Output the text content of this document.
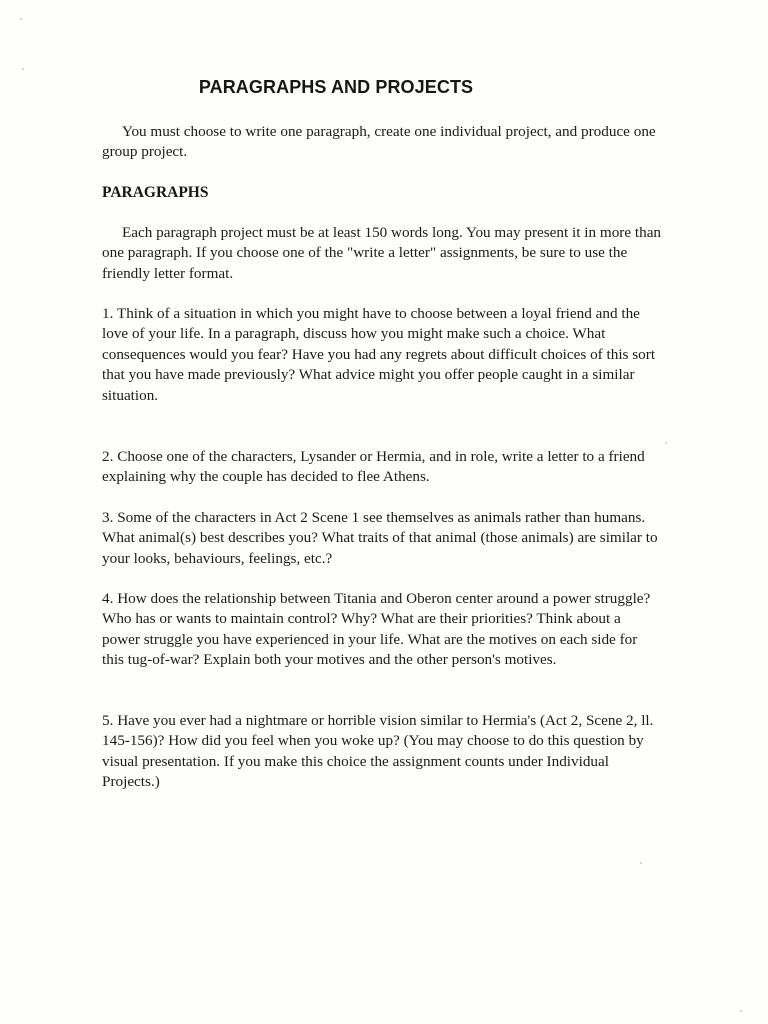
PARAGRAPHS AND PROJECTS
You must choose to write one paragraph, create one individual project, and produce one group project.
PARAGRAPHS
Each paragraph project must be at least 150 words long. You may present it in more than one paragraph. If you choose one of the "write a letter" assignments, be sure to use the friendly letter format.
1. Think of a situation in which you might have to choose between a loyal friend and the love of your life. In a paragraph, discuss how you might make such a choice. What consequences would you fear? Have you had any regrets about difficult choices of this sort that you have made previously? What advice might you offer people caught in a similar situation.
2. Choose one of the characters, Lysander or Hermia, and in role, write a letter to a friend explaining why the couple has decided to flee Athens.
3. Some of the characters in Act 2 Scene 1 see themselves as animals rather than humans. What animal(s) best describes you? What traits of that animal (those animals) are similar to your looks, behaviours, feelings, etc.?
4. How does the relationship between Titania and Oberon center around a power struggle? Who has or wants to maintain control? Why? What are their priorities? Think about a power struggle you have experienced in your life. What are the motives on each side for this tug-of-war? Explain both your motives and the other person's motives.
5. Have you ever had a nightmare or horrible vision similar to Hermia's (Act 2, Scene 2, ll. 145-156)? How did you feel when you woke up? (You may choose to do this question by visual presentation. If you make this choice the assignment counts under Individual Projects.)
